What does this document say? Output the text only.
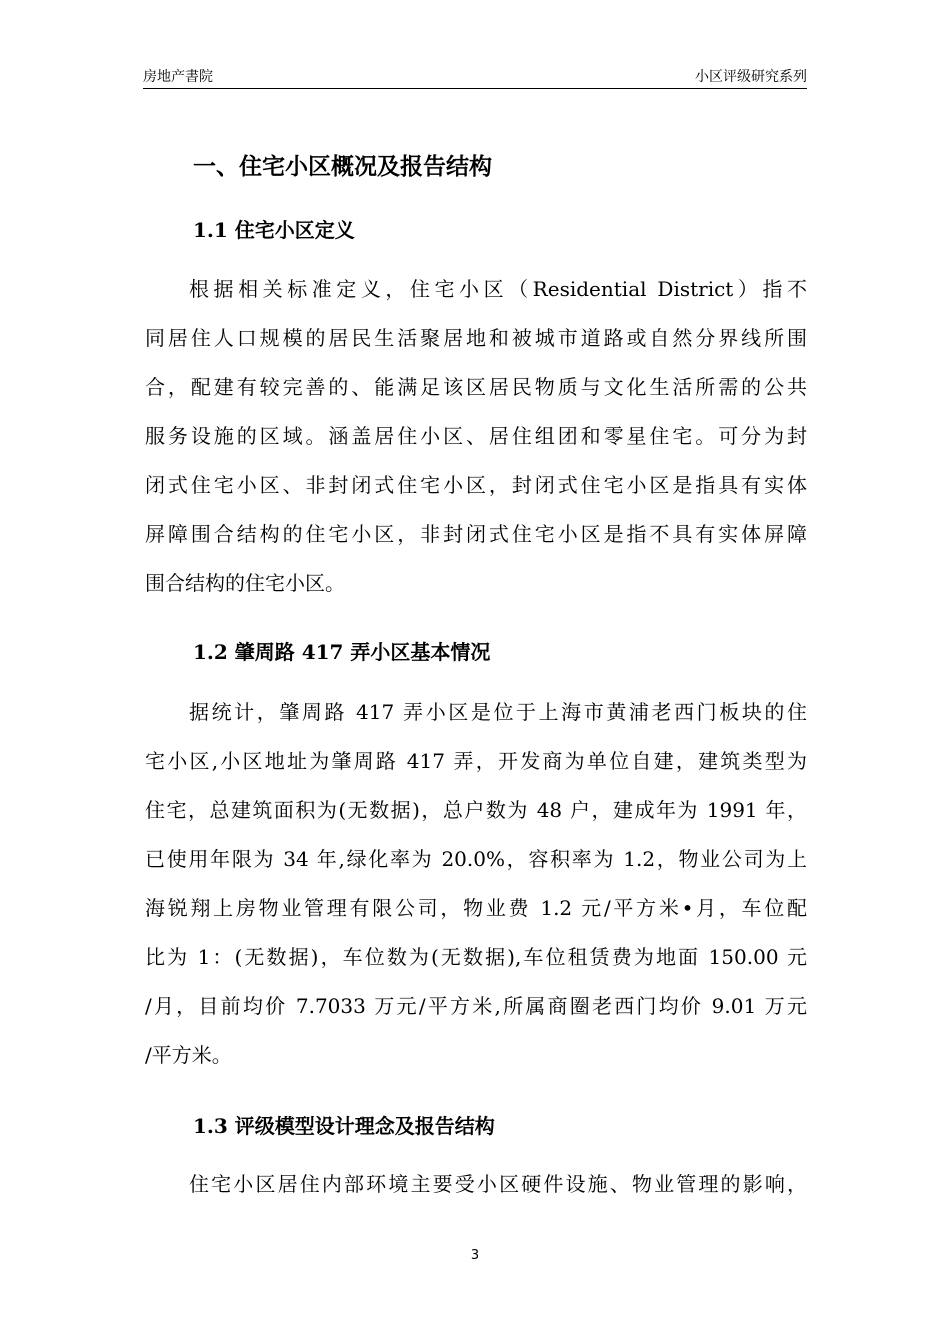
房地产書院	小区评级研究系列
一、住宅小区概况及报告结构
1.1 住宅小区定义
根据相关标准定义，住宅小区（Residential District）指不
同居住人口规模的居民生活聚居地和被城市道路或自然分界线所围
合，配建有较完善的、能满足该区居民物质与文化生活所需的公共
服务设施的区域。涵盖居住小区、居住组团和零星住宅。可分为封
闭式住宅小区、非封闭式住宅小区，封闭式住宅小区是指具有实体
屏障围合结构的住宅小区，非封闭式住宅小区是指不具有实体屏障
围合结构的住宅小区。
1.2 肇周路 417 弄小区基本情况
据统计，肇周路 417 弄小区是位于上海市黄浦老西门板块的住
宅小区,小区地址为肇周路 417 弄，开发商为单位自建，建筑类型为
住宅，总建筑面积为(无数据)，总户数为 48 户，建成年为 1991 年，
已使用年限为 34 年,绿化率为 20.0%，容积率为 1.2，物业公司为上
海锐翔上房物业管理有限公司，物业费 1.2 元/平方米•月，车位配
比为 1：(无数据)，车位数为(无数据),车位租赁费为地面 150.00 元
/月，目前均价 7.7033 万元/平方米,所属商圈老西门均价 9.01 万元
/平方米。
1.3 评级模型设计理念及报告结构
住宅小区居住内部环境主要受小区硬件设施、物业管理的影响，
3
